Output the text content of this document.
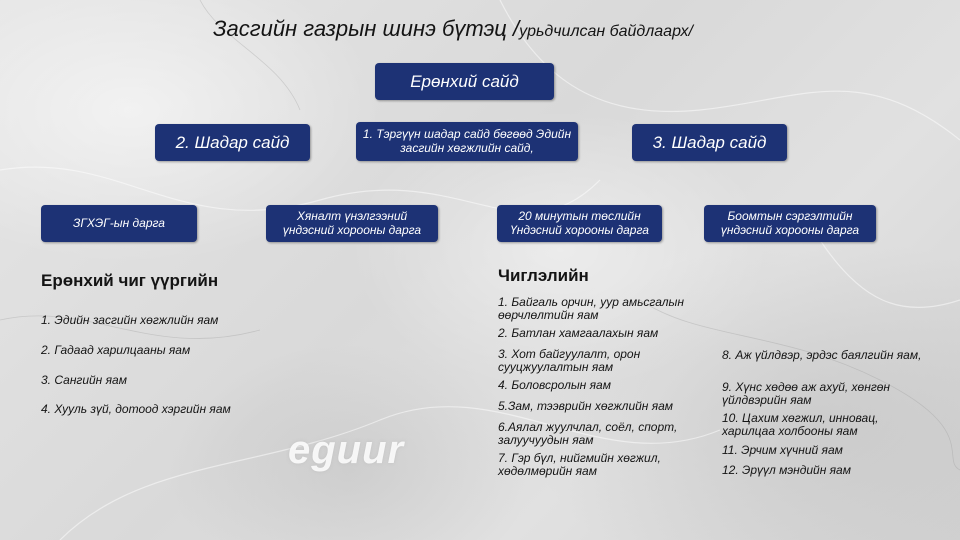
Засгийн газрын шинэ бүтэц /урьдчилсан байдлаарх/
Ерөнхий сайд
2. Шадар сайд	1. Тэргүүн шадар сайд бөгөөд Эдийн засгийн хөгжлийн сайд,	3. Шадар сайд
ЗГХЭГ-ын дарга	Хяналт үнэлгээний үндэсний хорооны дарга
20 минутын төслийн Үндэсний хорооны дарга
Боомтын сэргэлтийн үндэсний хорооны дарга
Ерөнхий чиг үүргийн
1. Эдийн засгийн хөгжлийн яам
2. Гадаад харилцааны яам
3. Сангийн яам
4. Хууль зүй, дотоод хэргийн яам
Чиглэлийн
1. Байгаль орчин, уур амьсгалын өөрчлөлтийн яам
2. Батлан хамгаалахын яам
3. Хот байгуулалт, орон сууцжуулалтын яам
4. Боловсролын яам
5.Зам, тээврийн хөгжлийн яам
6.Аялал жуулчлал, соёл, спорт, залуучуудын яам
7. Гэр бүл, нийгмийн хөгжил, хөдөлмөрийн яам
8. Аж үйлдвэр, эрдэс баялгийн яам,
9. Хүнс хөдөө аж ахуй, хөнгөн үйлдвэрийн яам
10. Цахим хөгжил, инновац, харилцаа холбооны яам
11. Эрчим хүчний яам
12. Эрүүл мэндийн яам
eguur
